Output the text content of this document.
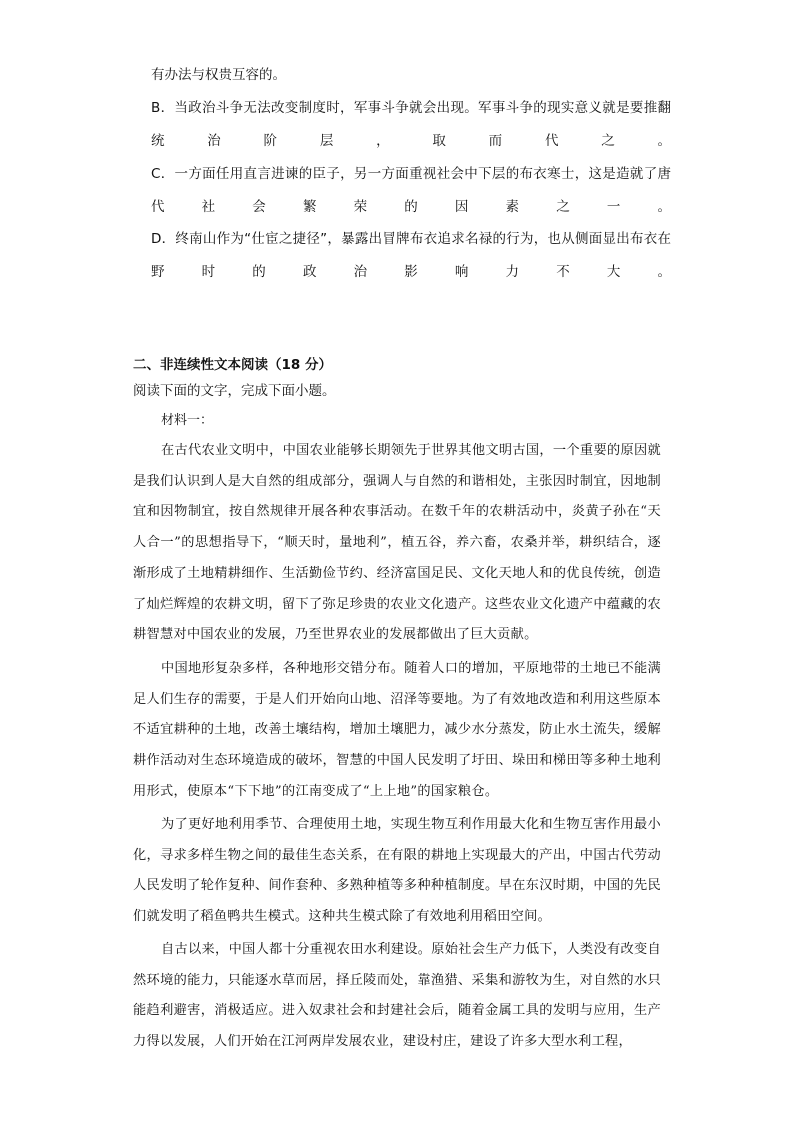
有办法与权贵互容的。
B．当政治斗争无法改变制度时，军事斗争就会出现。军事斗争的现实意义就是要推翻统治阶层，取而代之。
C．一方面任用直言进谏的臣子，另一方面重视社会中下层的布衣寒士，这是造就了唐代社会繁荣的因素之一。
D．终南山作为“仕宦之捷径”，暴露出冒牌布衣追求名禄的行为，也从侧面显出布衣在野时的政治影响力不大。
二、非连续性文本阅读（18 分）
阅读下面的文字，完成下面小题。
材料一：
在古代农业文明中，中国农业能够长期领先于世界其他文明古国，一个重要的原因就是我们认识到人是大自然的组成部分，强调人与自然的和谐相处，主张因时制宜，因地制宜和因物制宜，按自然规律开展各种农事活动。在数千年的农耕活动中，炎黄子孙在“天人合一”的思想指导下，“顺天时，量地利”，植五谷，养六畜，农桑并举，耕织结合，逐渐形成了土地精耕细作、生活勤俭节约、经济富国足民、文化天地人和的优良传统，创造了灿烂辉煌的农耕文明，留下了弥足珍贵的农业文化遗产。这些农业文化遗产中蕴藏的农耕智慧对中国农业的发展，乃至世界农业的发展都做出了巨大贡献。
中国地形复杂多样，各种地形交错分布。随着人口的增加，平原地带的土地已不能满足人们生存的需要，于是人们开始向山地、沼泽等要地。为了有效地改造和利用这些原本不适宜耕种的土地，改善土壤结构，增加土壤肥力，减少水分蒸发，防止水土流失，缓解耕作活动对生态环境造成的破坏，智慧的中国人民发明了圩田、垛田和梯田等多种土地利用形式，使原本“下下地”的江南变成了“上上地”的国家粮仓。
为了更好地利用季节、合理使用土地，实现生物互利作用最大化和生物互害作用最小化，寻求多样生物之间的最佳生态关系，在有限的耕地上实现最大的产出，中国古代劳动人民发明了轮作复种、间作套种、多熟种植等多种种植制度。早在东汉时期，中国的先民们就发明了稻鱼鸭共生模式。这种共生模式除了有效地利用稻田空间。
自古以来，中国人都十分重视农田水利建设。原始社会生产力低下，人类没有改变自然环境的能力，只能逐水草而居，择丘陵而处，靠渔猎、采集和游牧为生，对自然的水只能趋利避害，消极适应。进入奴隶社会和封建社会后，随着金属工具的发明与应用，生产力得以发展，人们开始在江河两岸发展农业，建设村庄，建设了许多大型水利工程，
